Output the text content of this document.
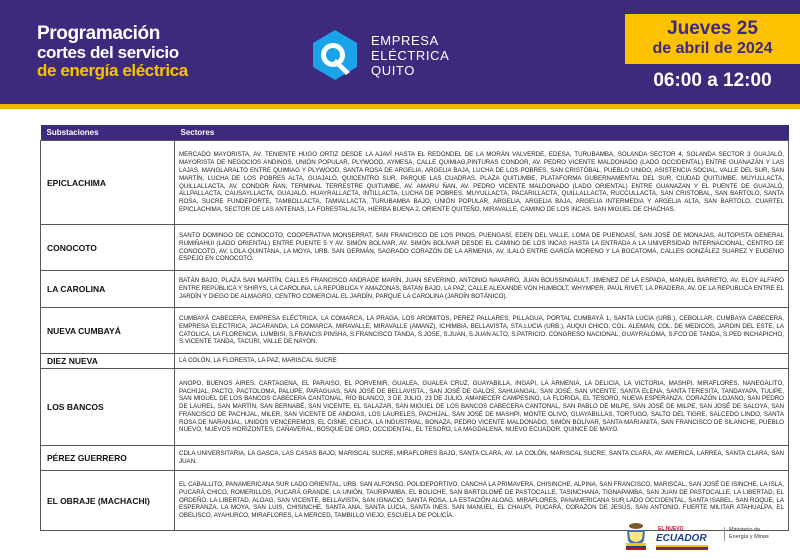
Programación
cortes del servicio
de energía eléctrica
EMPRESA
ELÉCTRICA
QUITO
Jueves 25
de abril de 2024
06:00 a 12:00
Substaciones	Sectores
EPICLACHIMA	MERCADO MAYORISTA, AV. TENIENTE HUGO ORTIZ DESDE LA AJAVÍ HASTA EL REDONDEL DE LA MORÁN VALVERDE, EDESA, TURUBAMBA, SOLANDA SECTOR 4, SOLANDA SECTOR 3 GUAJALÓ, MAYORISTA DE NEGOCIOS ANDINOS, UNIÓN POPULAR, PLYWOOD, AYMESA, CALLE QUIMIAG,PINTURAS CONDOR, AV. PEDRO VICENTE MALDONADO (LADO OCCIDENTAL) ENTRE GUANAZÁN Y LAS LAJAS, MANGLARALTO ENTRE QUIMIAG Y PLYWOOD, SANTA ROSA DE ARGELIA, ARGELIA BAJA, LUCHA DE LOS POBRES, SAN CRISTÓBAL, PUEBLO UNIDO, ASISTENCIA SOCIAL, VALLE DEL SUR, SAN MARTÍN, LUCHA DE LOS POBRES ALTA, GUAJALÓ, QUICENTRO SUR, PARQUE LAS CUADRAS, PLAZA QUITUMBE, PLATAFORMA GUBERNAMENTAL DEL SUR, CIUDAD QUITUMBE, MUYULLACTA, QUILLALLACTA, AV. CONDOR ÑAN, TERMINAL TERRESTRE QUITUMBE, AV. AMARU ÑAN, AV. PEDRO VICENTE MALDONADO (LADO ORIENTAL) ENTRE GUANAZAN Y EL PUENTE DE GUAJALÓ, ALLPALLACTA, CAUSAYLLACTA, GUAJALÓ, HUAYRALLACTA, INTILLACTA, LUCHA DE POBRES, MUYULLACTA, PACARILLACTA, QUILLALLACTA, RUCCULLACTA, SAN CRISTOBAL, SAN BARTOLO, SANTA ROSA, SUCRE FUNDEPORTE, TAMBOLLACTA, TAMIALLACTA, TURUBAMBA BAJO, UNIÓN POPULAR, ARGELIA, ARGELIA BAJA, ARGELIA INTERMEDIA Y ARGELIA ALTA, SAN BARTOLO, CUARTEL EPICLACHIMA, SECTOR DE LAS ANTENAS, LA FORESTAL ALTA, HIERBA BUENA 2, ORIENTE QUITEÑO, MIRAVALLE, CAMINO DE LOS INCAS, SAN MIGUEL DE CHACHAS.
CONOCOTO	SANTO DOMINGO DE CONOCOTO, COOPERATIVA MONSERRAT, SAN FRANCISCO DE LOS PINOS, PUENGASÍ, EDEN DEL VALLE, LOMA DE PUENGASÍ, SAN JOSÉ DE MONAJAS, AUTOPISTA GENERAL RUMIÑAHUI (LADO ORIENTAL) ENTRE PUENTE 5 Y AV. SIMÓN BOLIVAR, AV. SIMÓN BOLIVAR DESDE EL CAMINO DE LOS INCAS HASTA LA ENTRADA A LA UNIVERSIDAD INTERNACIONAL, CENTRO DE CONOCOTO, AV. LOLA QUINTANA, LA MOYA, URB. SAN GERMÁN, SAGRADO CORAZÓN DE LA ARMENIA, AV. ILALÓ ENTRE GARCÍA MORENO Y LA BOCATOMA, CALLES GONZÁLEZ SUAREZ Y EUGENIO ESPEJO EN CONOCOTO.
LA CAROLINA	BATÁN BAJO, PLAZA SAN MARTÍN, CALLES FRANCISCO ANDRADE MARÍN, JUAN SEVERINO, ANTONIO NAVARRO, JUAN BOUSSINGAULT, JIMENEZ DE LA ESPADA, MANUEL BARRETO, AV. ELOY ALFARO ENTRE REPÚBLICA Y SHIRYS, LA CAROLINA, LA REPÚBLICA Y AMAZONAS, BATAN BAJO, LA PAZ, CALLE ALEXANDE VON HUMBOLT, WHYMPER, PAÚL RIVET, LA PRADERA, AV. DE LA REPUBLICA ENTRE EL JARDÍN Y DIEGO DE ALMAGRO, CENTRO COMERCIAL EL JARDÍN, PARQUE LA CAROLINA (JARDÍN BOTÁNICO).
NUEVA CUMBAYÁ	CUMBAYÁ CABECERA, EMPRESA ELÉCTRICA, LA COMARCA, LA PRAGA, LOS AROMITOS, PEREZ PALLARES, PILLAGUA, PORTAL CUMBAYÁ 1, SANTA LUCIA (URB.), CEBOLLAR, CUMBAYA CABECERA, EMPRESA ELECTRICA, JACARANDA, LA COMARCA, MIRAVALLE, MIRAVALLE (AMANZ), ICHIMBIA, BELLAVISTA, STA.LUCIA (URB.), AUQUI CHICO, COL. ALEMAN, COL. DE MEDICOS, JARDIN DEL ESTE, LA CATOLICA, LA FLORENCIA, LUMBISI, S.FRANCIS PINSHA, S.FRANCISCO TANDA, S.JOSE, S.JUAN, S.JUAN ALTO, S.PATRICIO. CONGRESO NACIONAL, GUAYRALOMA, S.FCO DE TANDA, S.PED INCHAPICHO, S.VICENTE TANDA, TACURI, VALLE DE NAYON.
DIEZ NUEVA	LA COLÓN, LA FLORESTA, LA PAZ, MARISCAL SUCRE
LOS BANCOS	ANOPO, BUENOS AIRES, CARTAGENA, EL PARAISO, EL PORVENIR, GUALEA, GUALEA CRUZ, GUAYABILLA, INGAPI, LA ARMENIA, LA DELICIA, LA VICTORIA, MASHPI, MIRAFLORES, NANEGALITO, PACHIJAL, PACTO, PACTOLOMA, PALUPE, PARAGUAS, SAN JOSÉ DE BELLAVISTA., SAN JOSÉ DE GALOS, SAHUANGAL, SAN JOSÉ, SAN VICENTE, SANTA ELENA, SANTA TERESITA, TANDAYAPA, TULIPE, SAN MIGUEL DE LOS BANCOS CABECERA CANTONAL, RÍO BLANCO, 3 DE JULIO, 23 DE JULIO, AMANECER CAMPESINO, LA FLORIDA, EL TESORO, NUEVA ESPERANZA, CORAZÓN LOJANO, SAN PEDRO DE LAUREL, SAN MARTÍN, SAN BERNABÉ, SAN VICENTE, EL SALAZAR, SAN MIGUEL DE LOS BANCOS CABECERA CANTONAL, SAN PABLO DE MILPE, SAN JOSÉ DE MILPE, SAN JOSÉ DE SALOYA, SAN FRANCISCO DE PACHIJAL, MILER, SAN VICENTE DE ANDOAS, LOS LAURELES, PACHIJAL, SAN JOSÉ DE MASHPI, MONTE OLIVO, GUAYABILLAS, TORTUGO, SALTO DEL TIGRE, SALCEDO LINDO, SANTA ROSA DE NARANJAL, UNIDOS VENCEREMOS, EL CISNE, CELICA, LA INDUSTRIAL, BONAZA, PEDRO VICENTE MALDONADO, SIMÓN BOLÍVAR, SANTA MARIANITA, SAN FRANCISCO DE SILANCHE, PUEBLO NUEVO, NUEVOS HORIZONTES, CAÑAVERAL, BOSQUE DE ORO, OCCIDENTAL, EL TESORO, LA MAGDALENA, NUEVO ECUADOR, QUINCE DE MAYO.
PÉREZ GUERRERO	CDLA UNIVERSITARIA, LA GASCA, LAS CASAS BAJO, MARISCAL SUCRE, MIRAFLORES BAJO, SANTA CLARA, AV. LA COLÓN, MARISCAL SUCRE, SANTA CLARA, AV. AMERICA, LARREA, SANTA CLARA, SAN JUAN.
EL OBRAJE (MACHACHI)	EL CABALLITO, PANAMERICANA SUR LADO ORIENTAL, URB. SAN ALFONSO, POLIDEPORTIVO, CANCHA LA PRIMAVERA, CHISINCHE, ALPINA, SAN FRANCISCO, MARISCAL, SAN JOSÉ DE ISINCHE, LA ISLA, PUCARÁ CHICO, ROMERILLOS, PUCARÁ GRANDE, LA UNIÓN, TAURIPAMBA, EL BOLICHE, SAN BARTOLOMÉ DE PASTOCALLE, TASINCHANA, TIGNAPAMBA, SAN JUAN DE PASTOCALLE, LA LIBERTAD, EL ORDEÑO, LA LIBERTAD, ALOAG, SAN VICENTE, BELLAVISTA, SAN IGNACIO, SANTA ROSA, LA ESTACIÓN ALOAG, MIRAFLORES, PANAMERICANA SUR LADO OCCIDENTAL, SANTA ISABEL, SAN ROQUE, LA ESPERANZA, LA MOYA, SAN LUIS, CHISINCHE, SANTA ANA, SANTA LUCIA, SANTA INES, SAN MANUEL, EL CHAUPI, PUCARÁ, CORAZON DE JESÚS, SAN ANTONIO, FUERTE MILITAR ATAHUALPA, EL OBELISCO, AYAHURCO, MIRAFLORES, LA MERCED, TAMBILLO VIEJO, ESCUELA DE POLICÍA.
EL NUEVO
ECUADOR
Ministerio de
Energía y Minas
